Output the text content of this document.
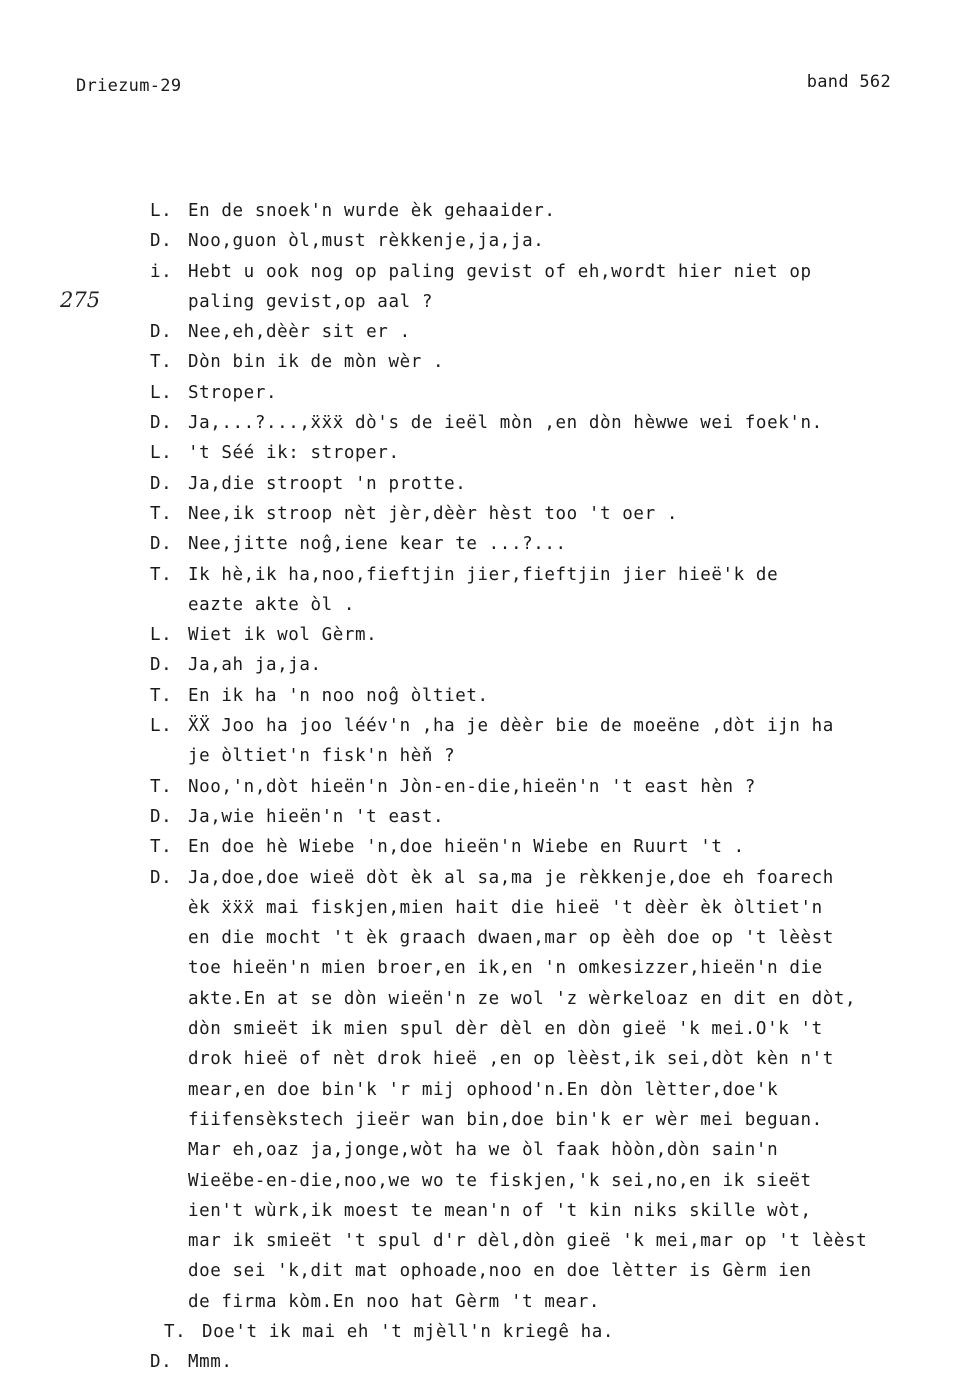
Driezum-29	band 562
275
L. En de snoek'n wurde èk gehaaider.
D. Noo,guon òl,must rèkkenje,ja,ja.
i. Hebt u ook nog op paling gevist of eh,wordt hier niet op
paling gevist,op aal ?
D. Nee,eh,dèèr sit er .
T. Dòn bin ik de mòn wèr .
L. Stroper.
D. Ja,...?...,ẍẍẍ dò's de ieël mòn ,en dòn hèwwe wei foek'n.
L. 't Séé ik: stroper.
D. Ja,die stroopt 'n protte.
T. Nee,ik stroop nèt jèr,dèèr hèst too 't oer .
D. Nee,jitte noĝ,iene kear te ...?...
T. Ik hè,ik ha,noo,fieftjin jier,fieftjin jier hieë'k de
eazte akte òl .
L. Wiet ik wol Gèrm.
D. Ja,ah ja,ja.
T. En ik ha 'n noo noĝ òltiet.
L. ẌẌ Joo ha joo léév'n ,ha je dèèr bie de moeëne ,dòt ijn ha
je òltiet'n fisk'n hèň ?
T. Noo,'n,dòt hieën'n Jòn-en-die,hieën'n 't east hèn ?
D. Ja,wie hieën'n 't east.
T. En doe hè Wiebe 'n,doe hieën'n Wiebe en Ruurt 't .
D. Ja,doe,doe wieë dòt èk al sa,ma je rèkkenje,doe eh foarech
èk ẍẍẍ mai fiskjen,mien hait die hieë 't dèèr èk òltiet'n
en die mocht 't èk graach dwaen,mar op èèh doe op 't lèèst
toe hieën'n mien broer,en ik,en 'n omkesizzer,hieën'n die
akte.En at se dòn wieën'n ze wol 'z wèrkeloaz en dit en dòt,
dòn smieët ik mien spul dèr dèl en dòn gieë 'k mei.O'k 't
drok hieë of nèt drok hieë ,en op lèèst,ik sei,dòt kèn n't
mear,en doe bin'k 'r mij ophood'n.En dòn lètter,doe'k
fiifensèkstech jieër wan bin,doe bin'k er wèr mei beguan.
Mar eh,oaz ja,jonge,wòt ha we òl faak hòòn,dòn sain'n
Wieëbe-en-die,noo,we wo te fiskjen,'k sei,no,en ik sieët
ien't wùrk,ik moest te mean'n of 't kin niks skille wòt,
mar ik smieët 't spul d'r dèl,dòn gieë 'k mei,mar op 't lèèst
doe sei 'k,dit mat ophoade,noo en doe lètter is Gèrm ien
de firma kòm.En noo hat Gèrm 't mear.
T. Doe't ik mai eh 't mjèll'n kriegê ha.
D. Mmm.
